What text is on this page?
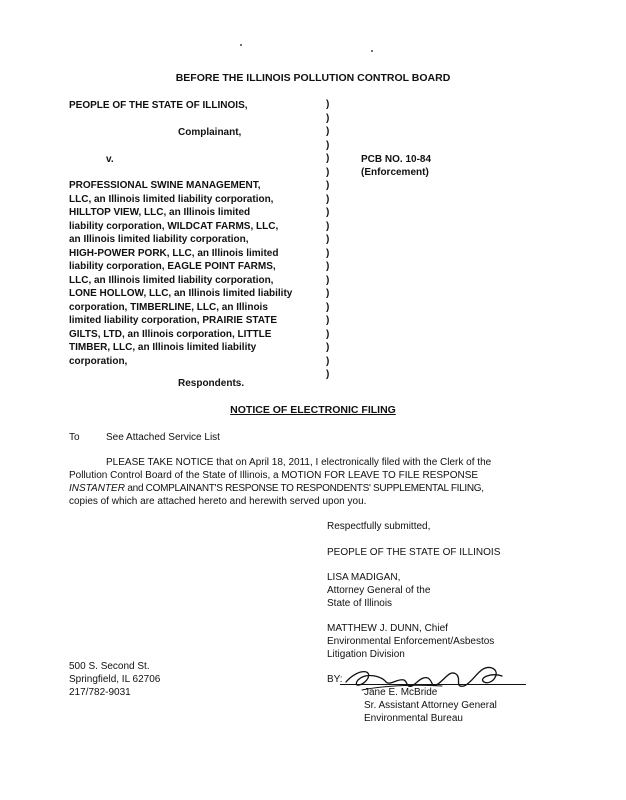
BEFORE THE ILLINOIS POLLUTION CONTROL BOARD
PEOPLE OF THE STATE OF ILLINOIS,
Complainant,
v.
PROFESSIONAL SWINE MANAGEMENT,
LLC, an Illinois limited liability corporation,
HILLTOP VIEW, LLC, an Illinois limited
liability corporation, WILDCAT FARMS, LLC,
an Illinois limited liability corporation,
HIGH-POWER PORK, LLC, an Illinois limited
liability corporation, EAGLE POINT FARMS,
LLC, an Illinois limited liability corporation,
LONE HOLLOW, LLC, an Illinois limited liability
corporation, TIMBERLINE, LLC, an Illinois
limited liability corporation, PRAIRIE STATE
GILTS, LTD, an Illinois corporation, LITTLE
TIMBER, LLC, an Illinois limited liability
corporation,
Respondents.
)
)
)
)
)
)
)
)
)
)
)
)
)
)
)
)
)
)
)
)
)
PCB NO. 10-84
(Enforcement)
NOTICE OF ELECTRONIC FILING
To	See Attached Service List
PLEASE TAKE NOTICE that on April 18, 2011, I electronically filed with the Clerk of the
Pollution Control Board of the State of Illinois, a MOTION FOR LEAVE TO FILE RESPONSE
INSTANTER and COMPLAINANT'S RESPONSE TO RESPONDENTS' SUPPLEMENTAL FILING,
copies of which are attached hereto and herewith served upon you.
Respectfully submitted,
PEOPLE OF THE STATE OF ILLINOIS
LISA MADIGAN,
Attorney General of the
State of Illinois
MATTHEW J. DUNN, Chief
Environmental Enforcement/Asbestos
Litigation Division
BY:
Jane E. McBride
Sr. Assistant Attorney General
Environmental Bureau
500 S. Second St.
Springfield, IL 62706
217/782-9031
